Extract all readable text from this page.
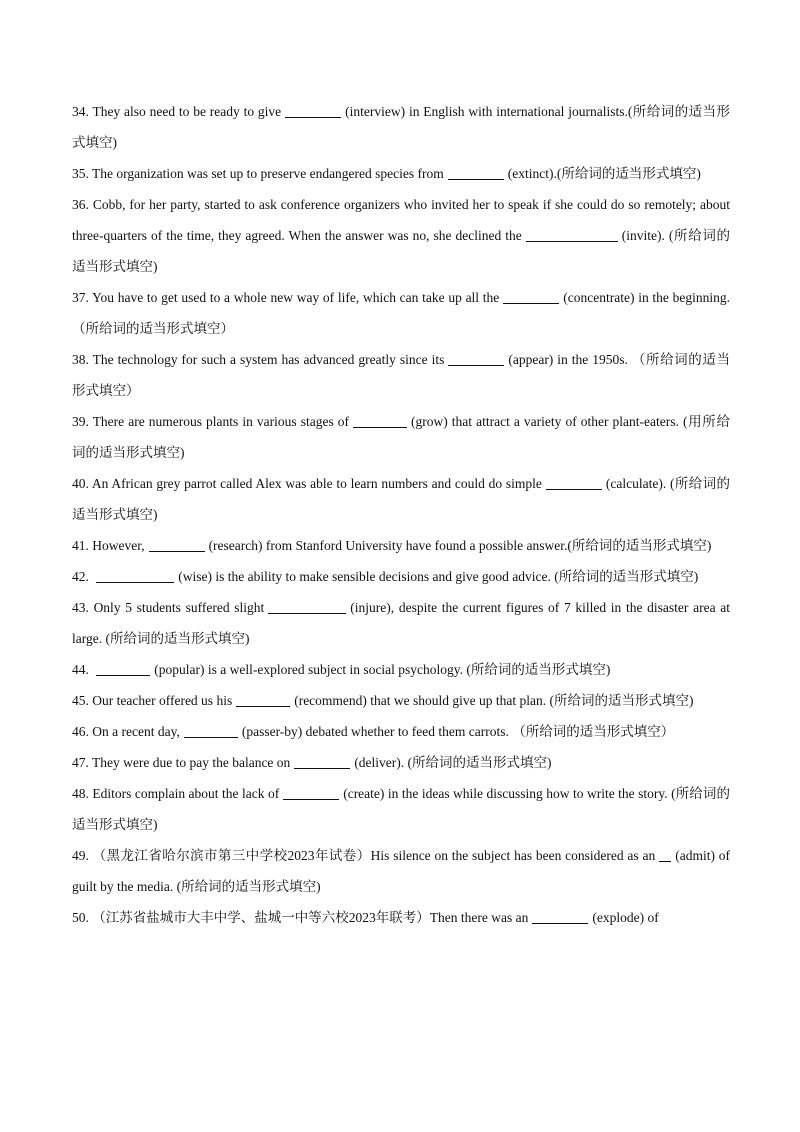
34. They also need to be ready to give	(interview) in English with international journalists.(所给词的适当形式填空)

35. The organization was set up to preserve endangered species from	(extinct).(所给词的适当形式填空)

36. Cobb, for her party, started to ask conference organizers who invited her to speak if she could do so remotely; about three-quarters of the time, they agreed. When the answer was no, she declined the	(invite). (所给词的适当形式填空)

37. You have to get used to a whole new way of life, which can take up all the	(concentrate) in the beginning. （所给词的适当形式填空）

38. The technology for such a system has advanced greatly since its	(appear) in the 1950s. （所给词的适当形式填空）

39. There are numerous plants in various stages of	(grow) that attract a variety of other plant-eaters. (用所给词的适当形式填空)

40. An African grey parrot called Alex was able to learn numbers and could do simple	(calculate). (所给词的适当形式填空)

41. However,	(research) from Stanford University have found a possible answer.(所给词的适当形式填空)

42.	(wise) is the ability to make sensible decisions and give good advice. (所给词的适当形式填空)

43. Only 5 students suffered slight	(injure), despite the current figures of 7 killed in the disaster area at large. (所给词的适当形式填空)

44.	(popular) is a well-explored subject in social psychology. (所给词的适当形式填空)

45. Our teacher offered us his	(recommend) that we should give up that plan. (所给词的适当形式填空)

46. On a recent day,	(passer-by) debated whether to feed them carrots. （所给词的适当形式填空）

47. They were due to pay the balance on	(deliver). (所给词的适当形式填空)

48. Editors complain about the lack of	(create) in the ideas while discussing how to write the story. (所给词的适当形式填空)

49. （黑龙江省哈尔滨市第三中学校2023年试卷）His silence on the subject has been considered as an (admit) of guilt by the media. (所给词的适当形式填空)

50. （江苏省盐城市大丰中学、盐城一中等六校2023年联考）Then there was an	(explode) of
